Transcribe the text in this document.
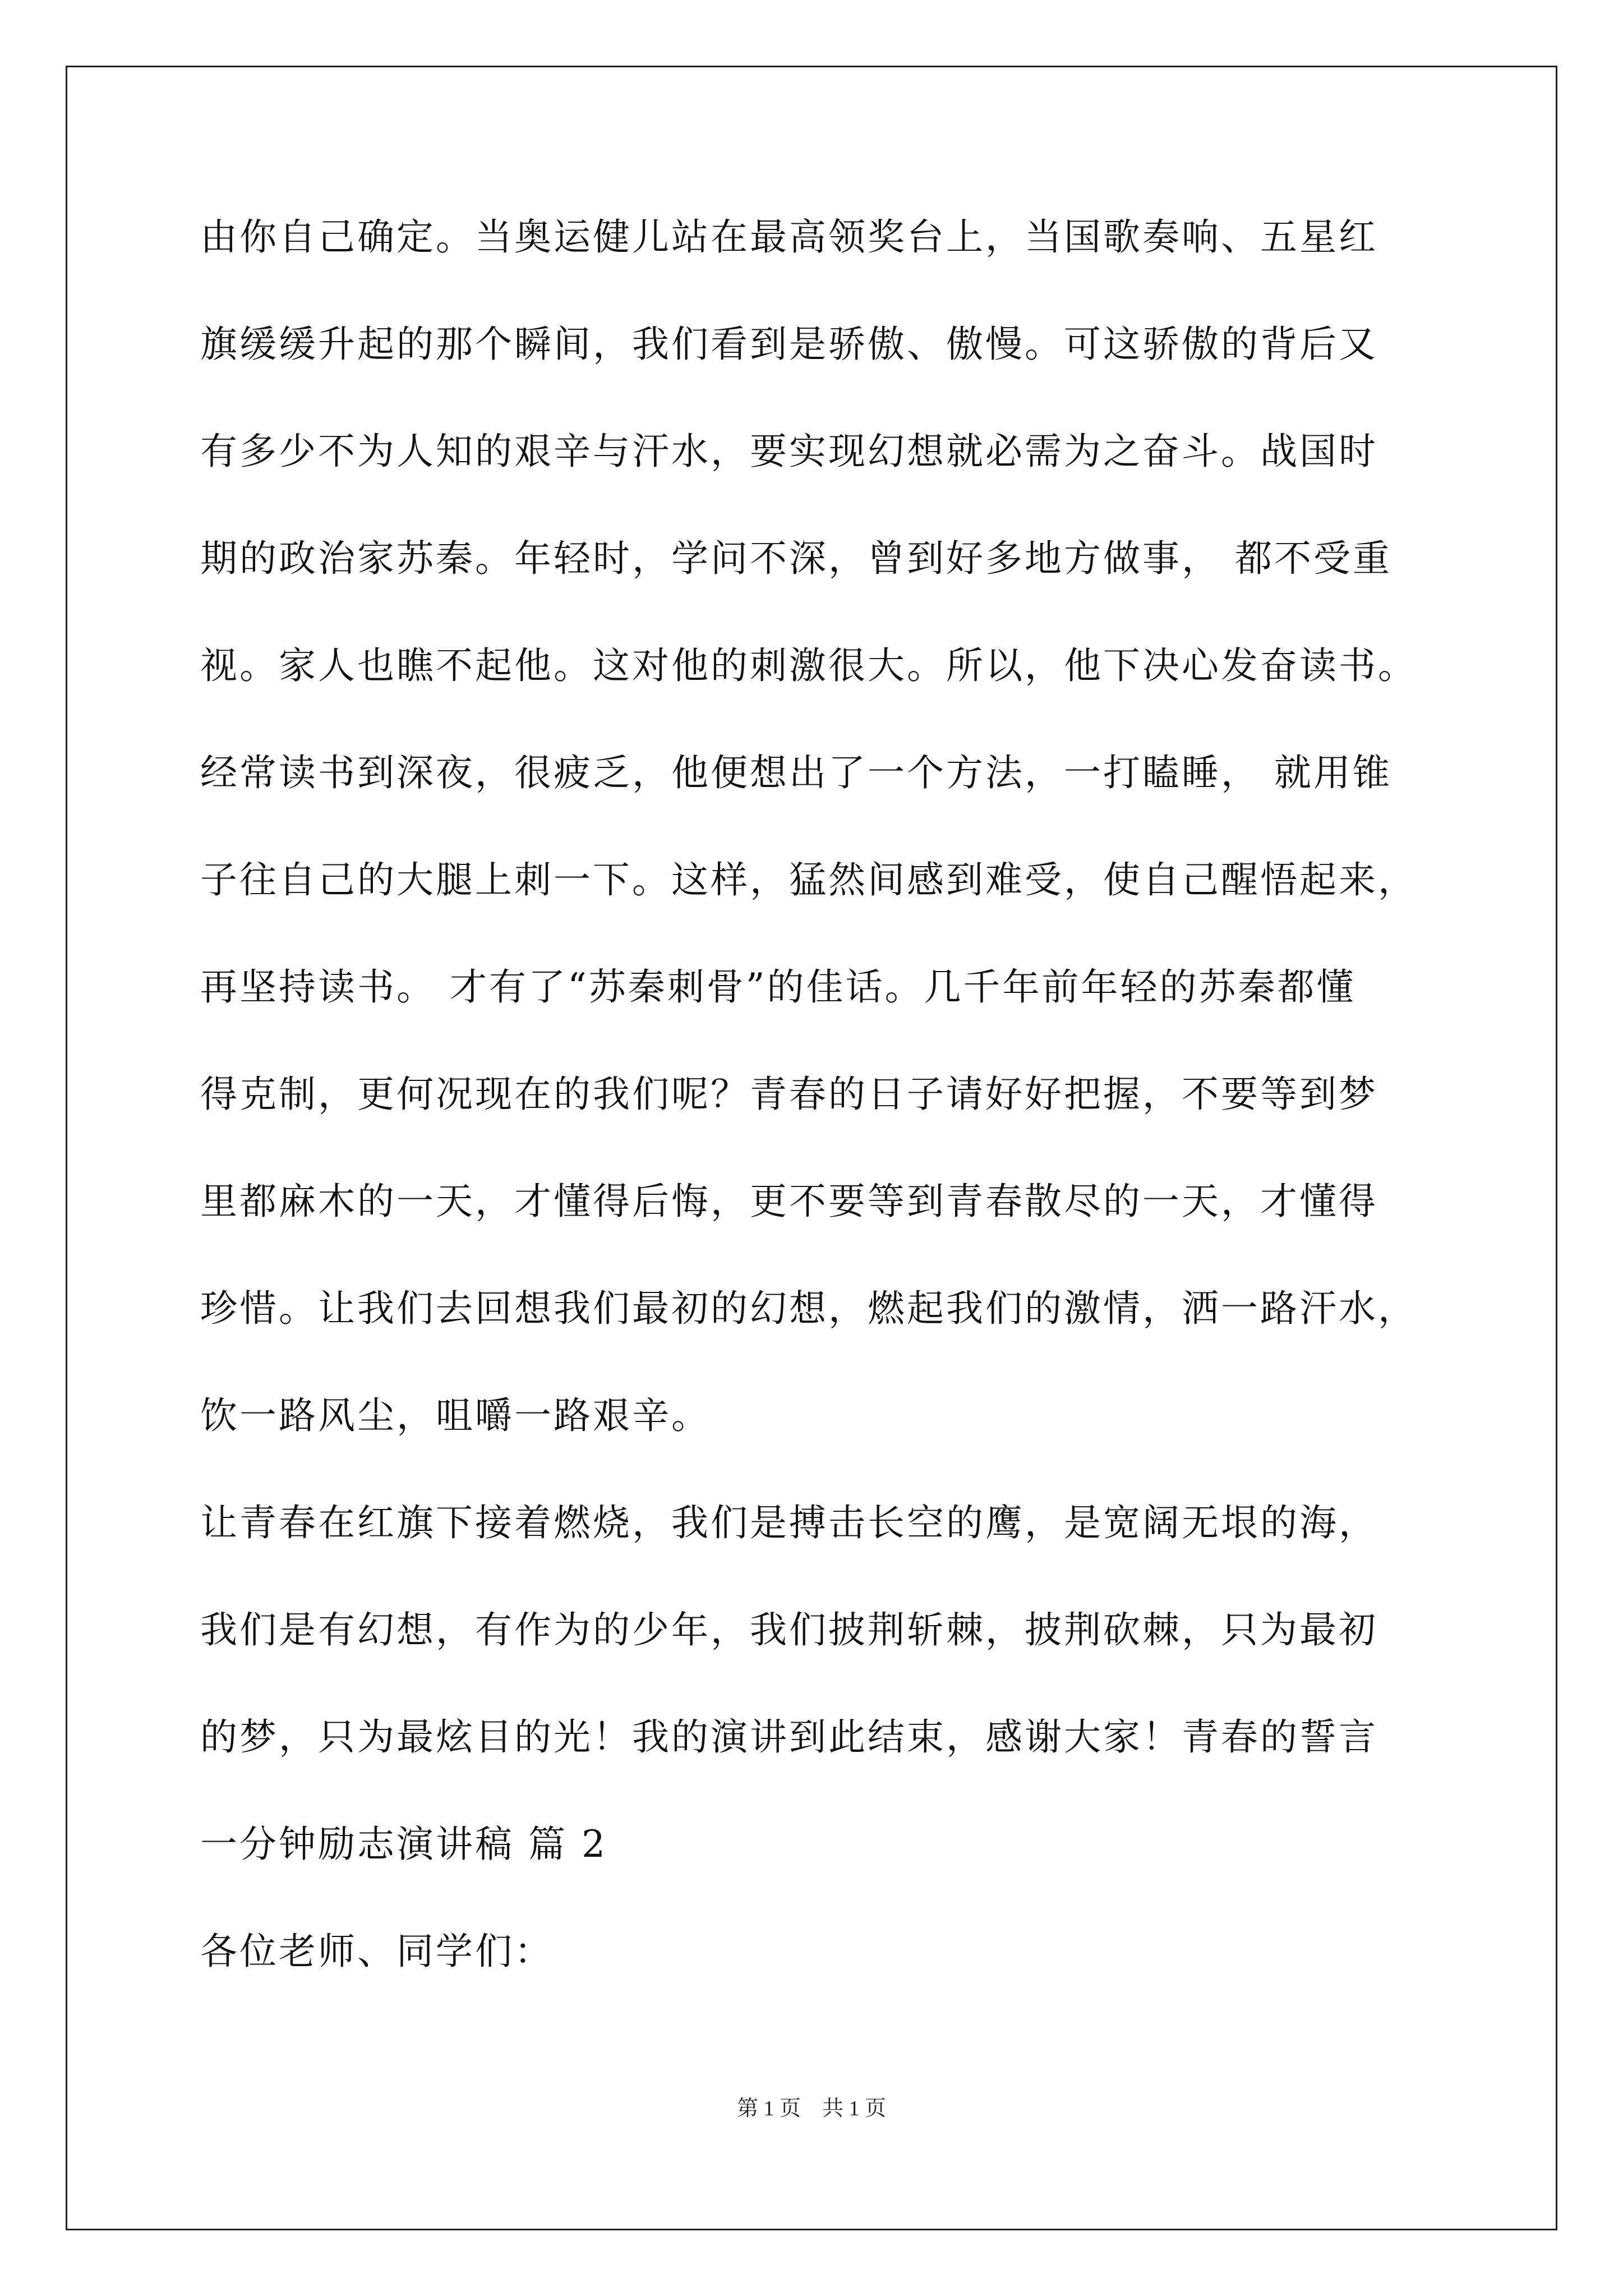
由你自己确定。当奥运健儿站在最高领奖台上，当国歌奏响、五星红
旗缓缓升起的那个瞬间，我们看到是骄傲、傲慢。可这骄傲的背后又
有多少不为人知的艰辛与汗水，要实现幻想就必需为之奋斗。战国时
期的政治家苏秦。年轻时，学问不深，曾到好多地方做事， 都不受重
视。家人也瞧不起他。这对他的刺激很大。所以，他下决心发奋读书。
经常读书到深夜，很疲乏，他便想出了一个方法，一打瞌睡， 就用锥
子往自己的大腿上刺一下。这样，猛然间感到难受，使自己醒悟起来，
再坚持读书。 才有了“苏秦刺骨”的佳话。几千年前年轻的苏秦都懂
得克制，更何况现在的我们呢？青春的日子请好好把握，不要等到梦
里都麻木的一天，才懂得后悔，更不要等到青春散尽的一天，才懂得
珍惜。让我们去回想我们最初的幻想，燃起我们的激情，洒一路汗水，
饮一路风尘，咀嚼一路艰辛。
让青春在红旗下接着燃烧，我们是搏击长空的鹰，是宽阔无垠的海，
我们是有幻想，有作为的少年，我们披荆斩棘，披荆砍棘，只为最初
的梦，只为最炫目的光！我的演讲到此结束，感谢大家！青春的誓言
一分钟励志演讲稿 篇 2
各位老师、同学们：
第 1 页　共 1 页
